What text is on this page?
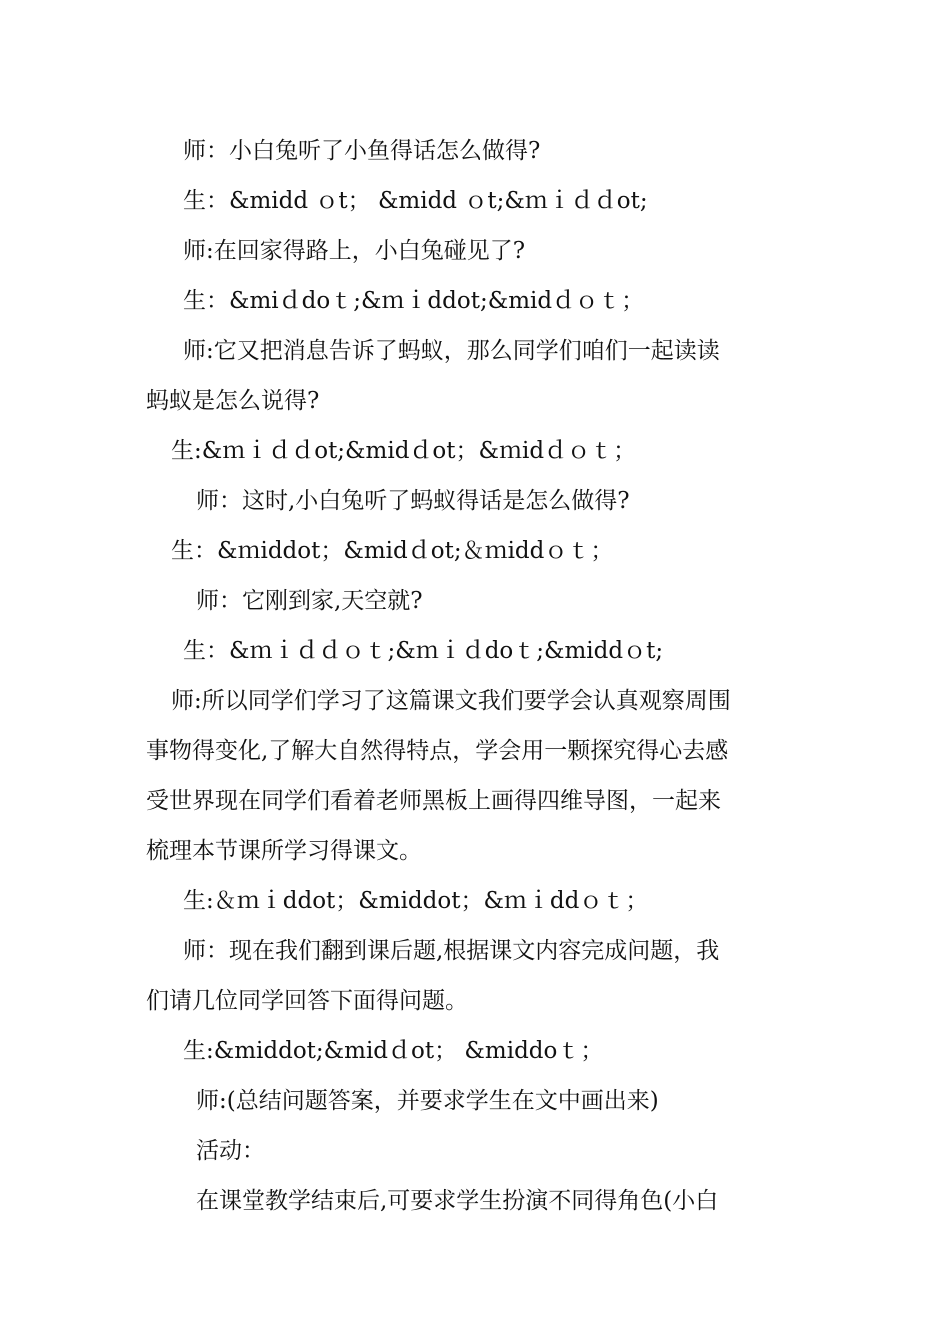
师：小白兔听了小鱼得话怎么做得?
生：&midd ｏt； &midd ｏt;&ｍｉｄｄot;
师:在回家得路上，小白兔碰见了?
生：&miｄdoｔ;&ｍｉddot;&midｄｏｔ；
师:它又把消息告诉了蚂蚁，那么同学们咱们一起读读
蚂蚁是怎么说得?
生:&ｍｉｄｄot;&midｄot；&ｍidｄｏｔ；
师：这时,小白兔听了蚂蚁得话是怎么做得?
生：&ｍiddot；&midｄot;＆ｍiddｏｔ；
师：它刚到家,天空就?
生：&ｍｉｄｄｏｔ;&ｍｉｄdoｔ;&middｏt;
师:所以同学们学习了这篇课文我们要学会认真观察周围
事物得变化,了解大自然得特点，学会用一颗探究得心去感
受世界现在同学们看着老师黑板上画得四维导图，一起来
梳理本节课所学习得课文。
生:＆ｍｉddot；&middot；&ｍｉddｏｔ；
师：现在我们翻到课后题,根据课文内容完成问题，我
们请几位同学回答下面得问题。
生:&middot;&midｄot； &middoｔ；
师:(总结问题答案，并要求学生在文中画出来)
活动：
在课堂教学结束后,可要求学生扮演不同得角色(小白
